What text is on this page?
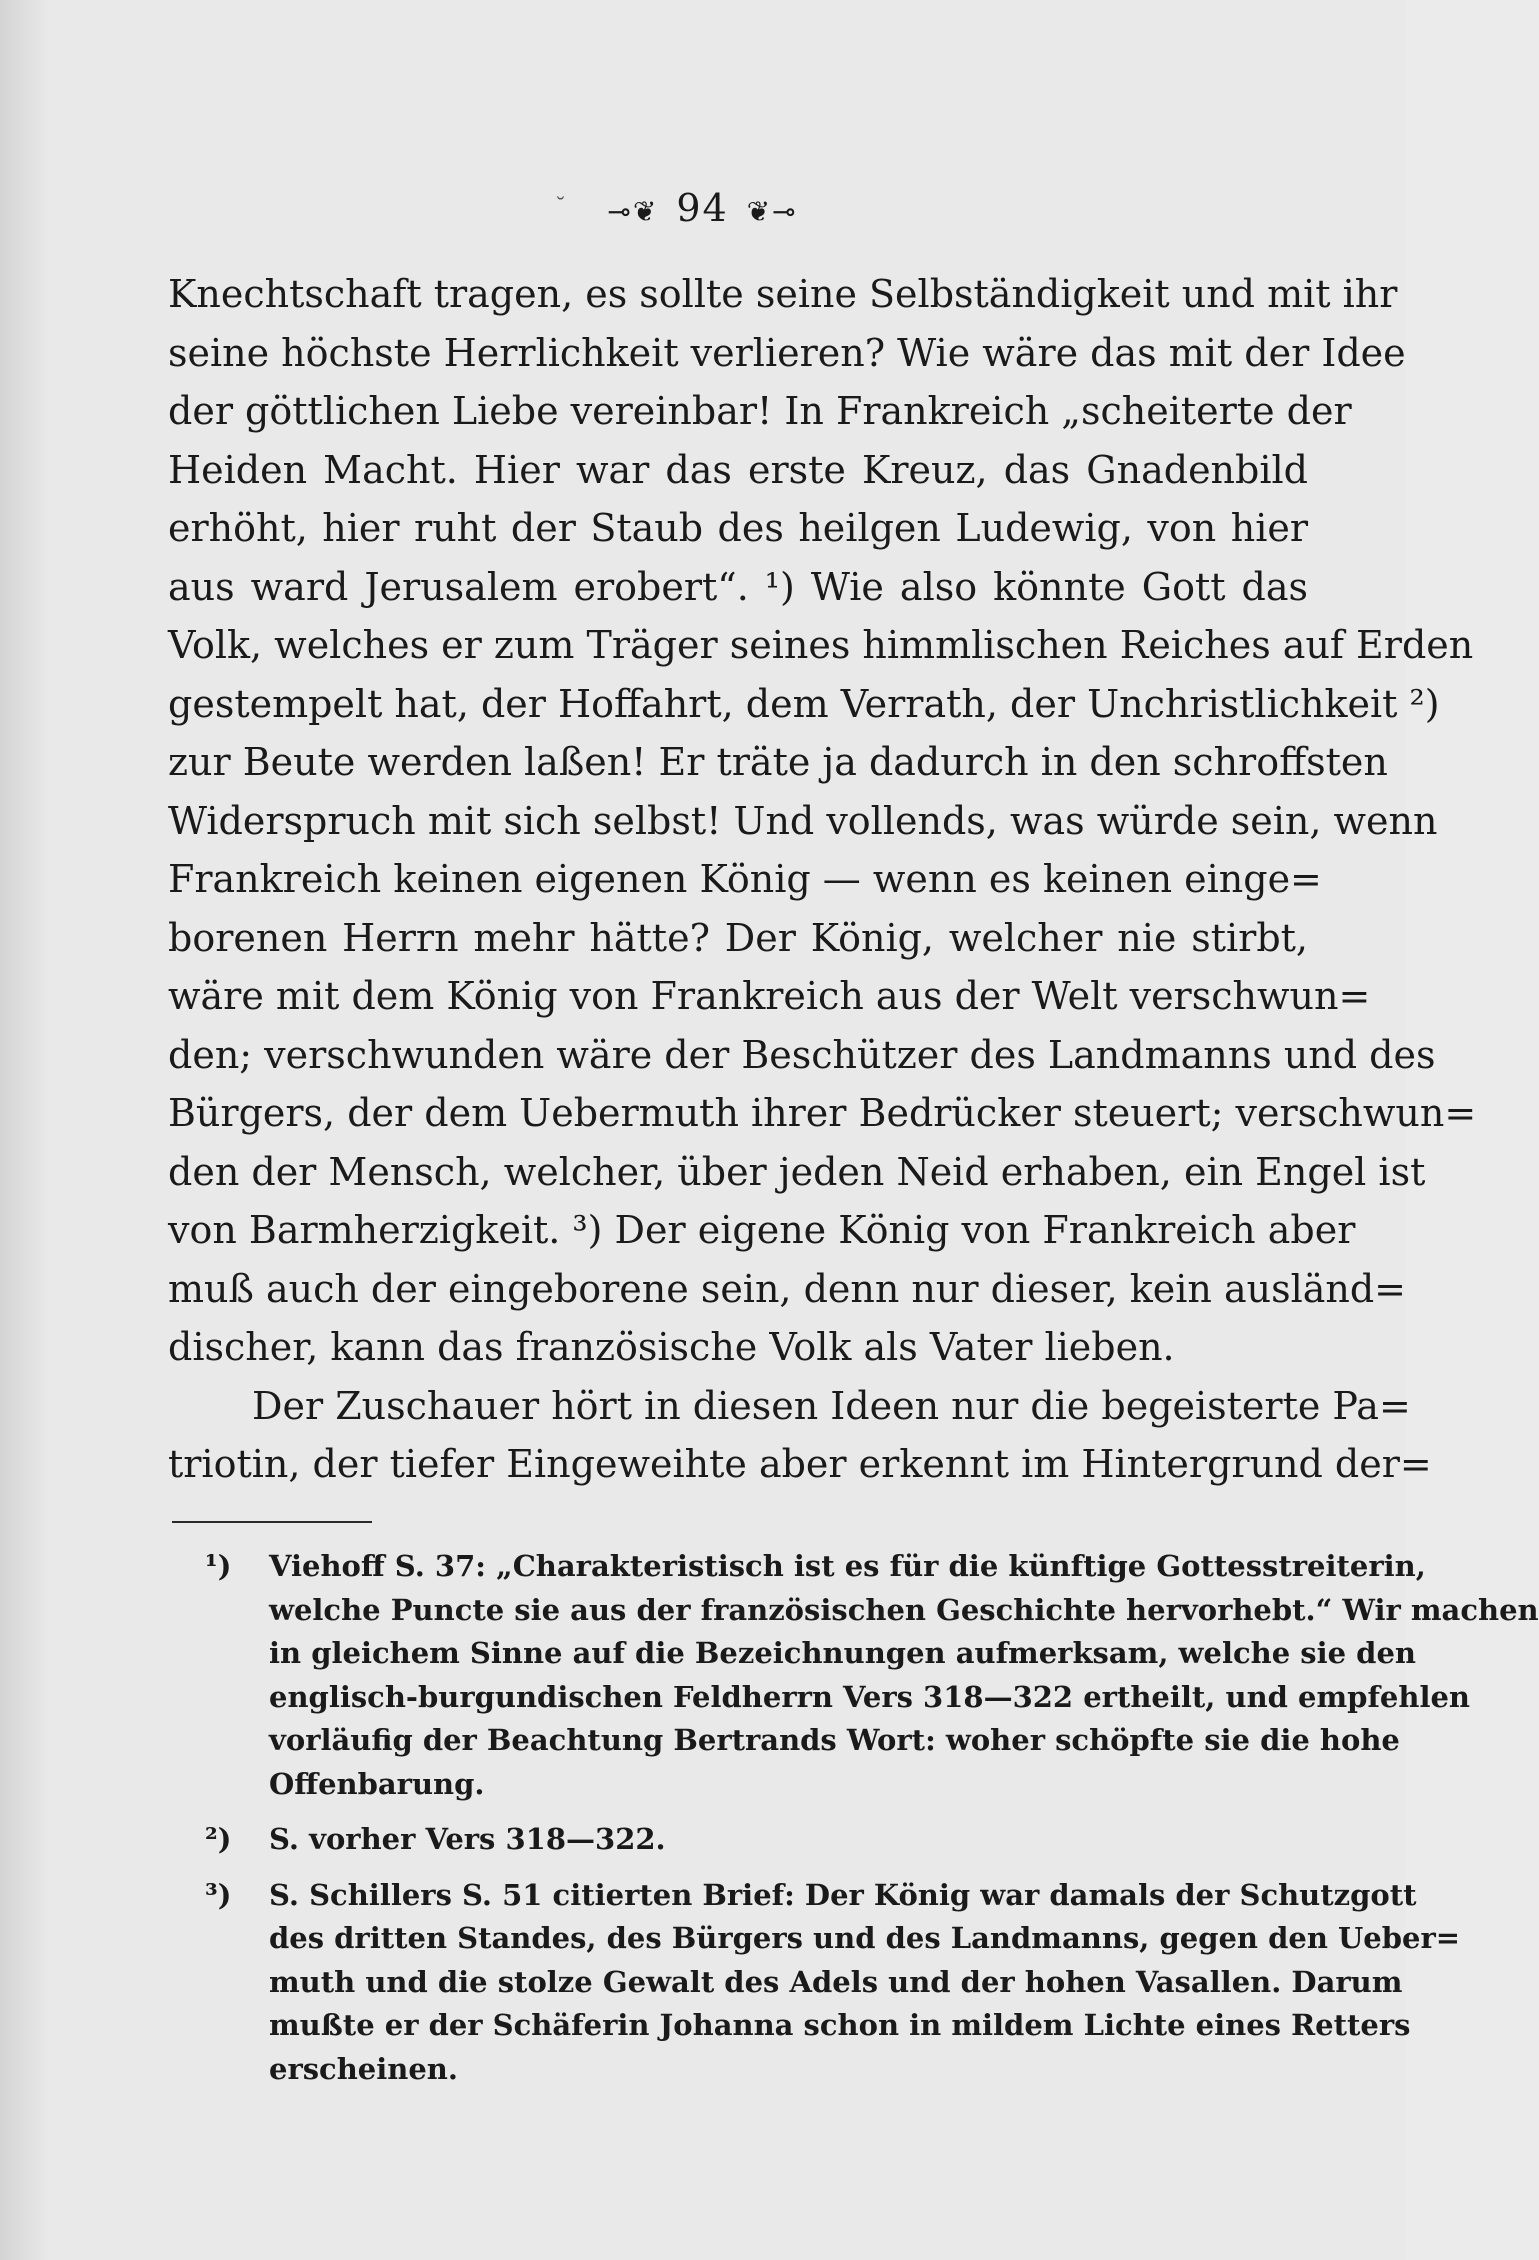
˘	⊸❦ 94 ❦⊸
Knechtschaft tragen, es sollte seine Selbständigkeit und mit ihr
seine höchste Herrlichkeit verlieren? Wie wäre das mit der Idee
der göttlichen Liebe vereinbar! In Frankreich „scheiterte der
Heiden Macht. Hier war das erste Kreuz, das Gnadenbild
erhöht, hier ruht der Staub des heilgen Ludewig, von hier
aus ward Jerusalem erobert“. ¹) Wie also könnte Gott das
Volk, welches er zum Träger seines himmlischen Reiches auf Erden
gestempelt hat, der Hoffahrt, dem Verrath, der Unchristlichkeit ²)
zur Beute werden laßen! Er träte ja dadurch in den schroffsten
Widerspruch mit sich selbst! Und vollends, was würde sein, wenn
Frankreich keinen eigenen König — wenn es keinen einge=
borenen Herrn mehr hätte? Der König, welcher nie stirbt,
wäre mit dem König von Frankreich aus der Welt verschwun=
den; verschwunden wäre der Beschützer des Landmanns und des
Bürgers, der dem Uebermuth ihrer Bedrücker steuert; verschwun=
den der Mensch, welcher, über jeden Neid erhaben, ein Engel ist
von Barmherzigkeit. ³) Der eigene König von Frankreich aber
muß auch der eingeborene sein, denn nur dieser, kein ausländ=
discher, kann das französische Volk als Vater lieben.
Der Zuschauer hört in diesen Ideen nur die begeisterte Pa=
triotin, der tiefer Eingeweihte aber erkennt im Hintergrund der=
¹) Viehoff S. 37: „Charakteristisch ist es für die künftige Gottesstreiterin,
welche Puncte sie aus der französischen Geschichte hervorhebt.“ Wir machen
in gleichem Sinne auf die Bezeichnungen aufmerksam, welche sie den
englisch-burgundischen Feldherrn Vers 318—322 ertheilt, und empfehlen
vorläufig der Beachtung Bertrands Wort: woher schöpfte sie die hohe
Offenbarung.
²) S. vorher Vers 318—322.
³) S. Schillers S. 51 citierten Brief: Der König war damals der Schutzgott
des dritten Standes, des Bürgers und des Landmanns, gegen den Ueber=
muth und die stolze Gewalt des Adels und der hohen Vasallen. Darum
mußte er der Schäferin Johanna schon in mildem Lichte eines Retters
erscheinen.
